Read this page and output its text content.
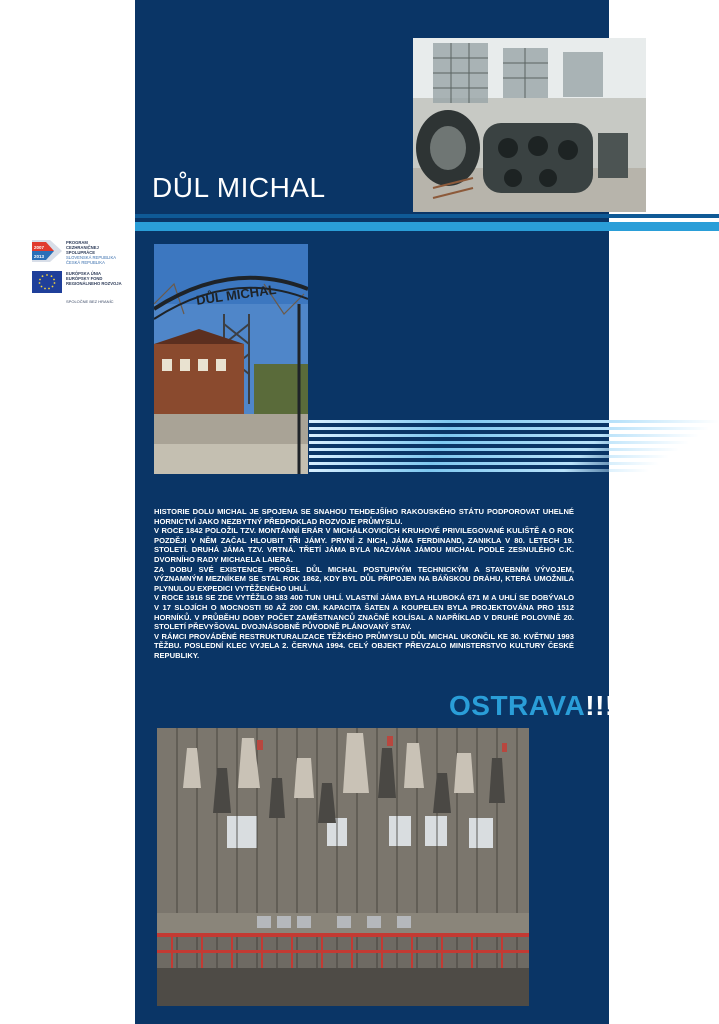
DŮL MICHAL
2007
2013
PROGRAM
CEZHRANIČNEJ
SPOLUPRÁCE
SLOVENSKÁ REPUBLIKA
ČESKÁ REPUBLIKA
EURÓPSKA ÚNIA
EURÓPSKY FOND
REGIONÁLNEHO ROZVOJA
SPOLOČNE BEZ HRANÍC	DŮL MICHAL

HISTORIE DOLU MICHAL JE SPOJENA SE SNAHOU TEHDEJŠÍHO RAKOUSKÉHO STÁTU PODPOROVAT UHELNÉ HORNICTVÍ JAKO NEZBYTNÝ PŘEDPOKLAD ROZVOJE PRŮMYSLU.

V ROCE 1842 POLOŽIL TZV. MONTÁNNÍ ERÁR V MICHÁLKOVICÍCH KRUHOVÉ PRIVILEGOVANÉ KULIŠTĚ A O ROK POZDĚJI V NĚM ZAČAL HLOUBIT TŘI JÁMY. PRVNÍ Z NICH, JÁMA FERDINAND, ZANIKLA V 80. LETECH 19. STOLETÍ. DRUHÁ JÁMA TZV. VRTNÁ. TŘETÍ JÁMA BYLA NAZVÁNA JÁMOU MICHAL PODLE ZESNULÉHO C.K. DVORNÍHO RADY MICHAELA LAIERA.

ZA DOBU SVÉ EXISTENCE PROŠEL DŮL MICHAL POSTUPNÝM TECHNICKÝM A STAVEBNÍM VÝVOJEM, VÝZNAMNÝM MEZNÍKEM SE STAL ROK 1862, KDY BYL DŮL PŘIPOJEN NA BÁŇSKOU DRÁHU, KTERÁ UMOŽNILA PLYNULOU EXPEDICI VYTĚŽENÉHO UHLÍ.

V ROCE 1916 SE ZDE VYTĚŽILO 383 400 TUN UHLÍ. VLASTNÍ JÁMA BYLA HLUBOKÁ 671 M A UHLÍ SE DOBÝVALO V 17 SLOJÍCH O MOCNOSTI 50 AŽ 200 CM. KAPACITA ŠATEN A KOUPELEN BYLA PROJEKTOVÁNA PRO 1512 HORNÍKŮ. V PRŮBĚHU DOBY POČET ZAMĚSTNANCŮ ZNAČNĚ KOLÍSAL A NAPŘÍKLAD V DRUHÉ POLOVINĚ 20. STOLETÍ PŘEVYŠOVAL DVOJNÁSOBNĚ PŮVODNĚ PLÁNOVANÝ STAV.

V RÁMCI PROVÁDĚNÉ RESTRUKTURALIZACE TĚŽKÉHO PRŮMYSLU DŮL MICHAL UKONČIL KE 30. KVĚTNU 1993 TĚŽBU. POSLEDNÍ KLEC VYJELA 2. ČERVNA 1994. CELÝ OBJEKT PŘEVZALO MINISTERSTVO KULTURY ČESKÉ REPUBLIKY.

OSTRAVA!!!
